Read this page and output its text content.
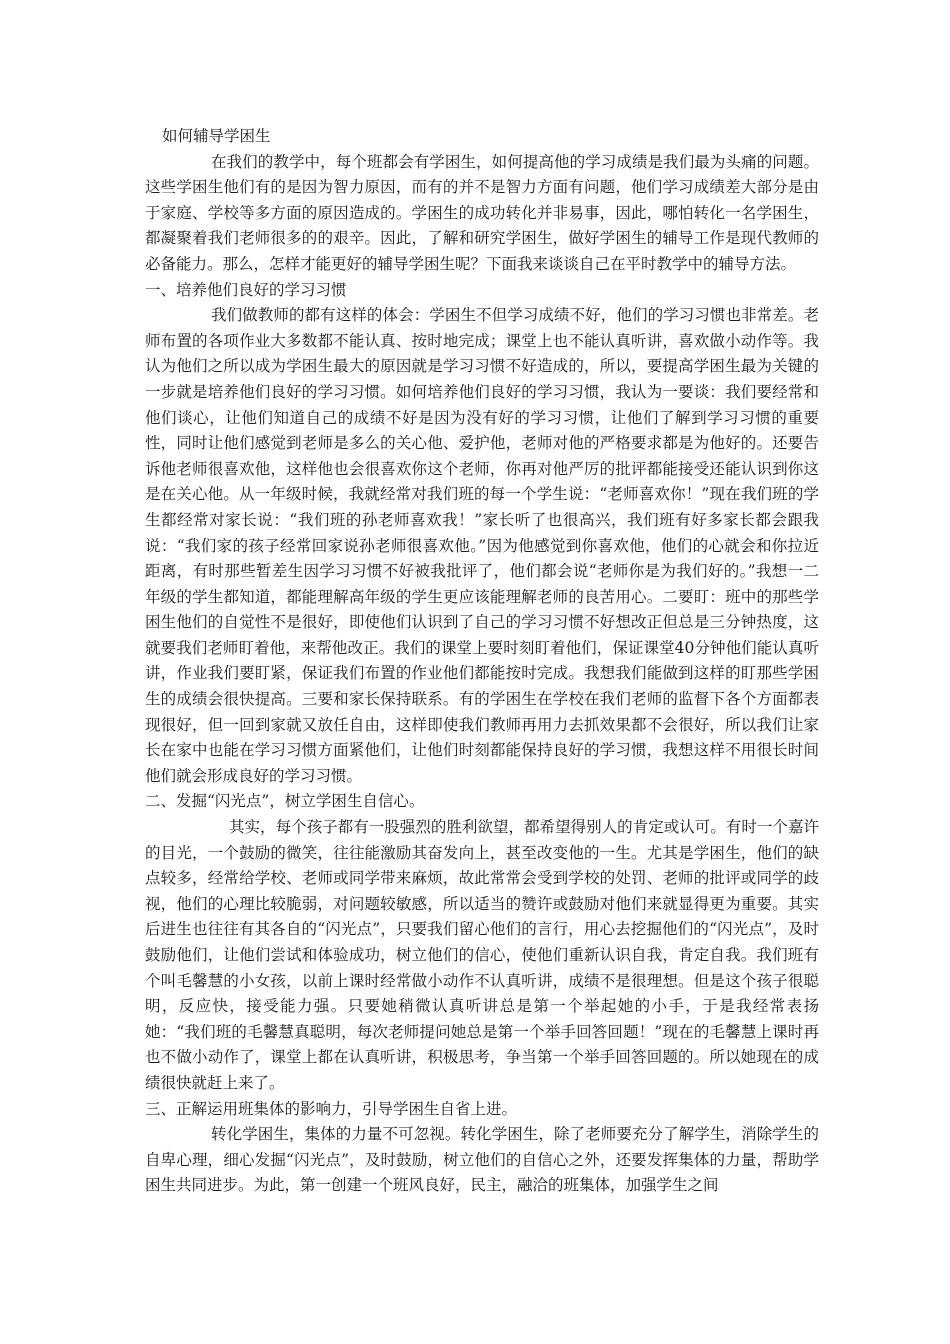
如何辅导学困生

在我们的教学中，每个班都会有学困生，如何提高他的学习成绩是我们最为头痛的问题。这些学困生他们有的是因为智力原因，而有的并不是智力方面有问题，他们学习成绩差大部分是由于家庭、学校等多方面的原因造成的。学困生的成功转化并非易事，因此，哪怕转化一名学困生，都凝聚着我们老师很多的的艰辛。因此，了解和研究学困生，做好学困生的辅导工作是现代教师的必备能力。那么，怎样才能更好的辅导学困生呢？下面我来谈谈自己在平时教学中的辅导方法。

一、培养他们良好的学习习惯

我们做教师的都有这样的体会：学困生不但学习成绩不好，他们的学习习惯也非常差。老师布置的各项作业大多数都不能认真、按时地完成；课堂上也不能认真听讲，喜欢做小动作等。我认为他们之所以成为学困生最大的原因就是学习习惯不好造成的，所以，要提高学困生最为关键的一步就是培养他们良好的学习习惯。如何培养他们良好的学习习惯，我认为一要谈：我们要经常和他们谈心，让他们知道自己的成绩不好是因为没有好的学习习惯，让他们了解到学习习惯的重要性，同时让他们感觉到老师是多么的关心他、爱护他，老师对他的严格要求都是为他好的。还要告诉他老师很喜欢他，这样他也会很喜欢你这个老师，你再对他严厉的批评都能接受还能认识到你这是在关心他。从一年级时候，我就经常对我们班的每一个学生说：“老师喜欢你！”现在我们班的学生都经常对家长说：“我们班的孙老师喜欢我！”家长听了也很高兴，我们班有好多家长都会跟我说：“我们家的孩子经常回家说孙老师很喜欢他。”因为他感觉到你喜欢他，他们的心就会和你拉近距离，有时那些暂差生因学习习惯不好被我批评了，他们都会说“老师你是为我们好的。”我想一二年级的学生都知道，都能理解高年级的学生更应该能理解老师的良苦用心。二要盯：班中的那些学困生他们的自觉性不是很好，即使他们认识到了自己的学习习惯不好想改正但总是三分钟热度，这就要我们老师盯着他，来帮他改正。我们的课堂上要时刻盯着他们，保证课堂40分钟他们能认真听讲，作业我们要盯紧，保证我们布置的作业他们都能按时完成。我想我们能做到这样的盯那些学困生的成绩会很快提高。三要和家长保持联系。有的学困生在学校在我们老师的监督下各个方面都表现很好，但一回到家就又放任自由，这样即使我们教师再用力去抓效果都不会很好，所以我们让家长在家中也能在学习习惯方面紧他们，让他们时刻都能保持良好的学习惯，我想这样不用很长时间他们就会形成良好的学习习惯。

二、发掘“闪光点”，树立学困生自信心。

其实，每个孩子都有一股强烈的胜利欲望，都希望得别人的肯定或认可。有时一个嘉许的目光，一个鼓励的微笑，往往能激励其奋发向上，甚至改变他的一生。尤其是学困生，他们的缺点较多，经常给学校、老师或同学带来麻烦，故此常常会受到学校的处罚、老师的批评或同学的歧视，他们的心理比较脆弱，对问题较敏感，所以适当的赞许或鼓励对他们来就显得更为重要。其实后进生也往往有其各自的“闪光点”，只要我们留心他们的言行，用心去挖掘他们的“闪光点”，及时鼓励他们，让他们尝试和体验成功，树立他们的信心，使他们重新认识自我，肯定自我。我们班有个叫毛馨慧的小女孩，以前上课时经常做小动作不认真听讲，成绩不是很理想。但是这个孩子很聪明，反应快，接受能力强。只要她稍微认真听讲总是第一个举起她的小手，于是我经常表扬她：“我们班的毛馨慧真聪明，每次老师提问她总是第一个举手回答回题！”现在的毛馨慧上课时再也不做小动作了，课堂上都在认真听讲，积极思考，争当第一个举手回答回题的。所以她现在的成绩很快就赶上来了。

三、正解运用班集体的影响力，引导学困生自省上进。

转化学困生，集体的力量不可忽视。转化学困生，除了老师要充分了解学生，消除学生的自卑心理，细心发掘“闪光点”，及时鼓励，树立他们的自信心之外，还要发挥集体的力量，帮助学困生共同进步。为此，第一创建一个班风良好，民主，融洽的班集体，加强学生之间
